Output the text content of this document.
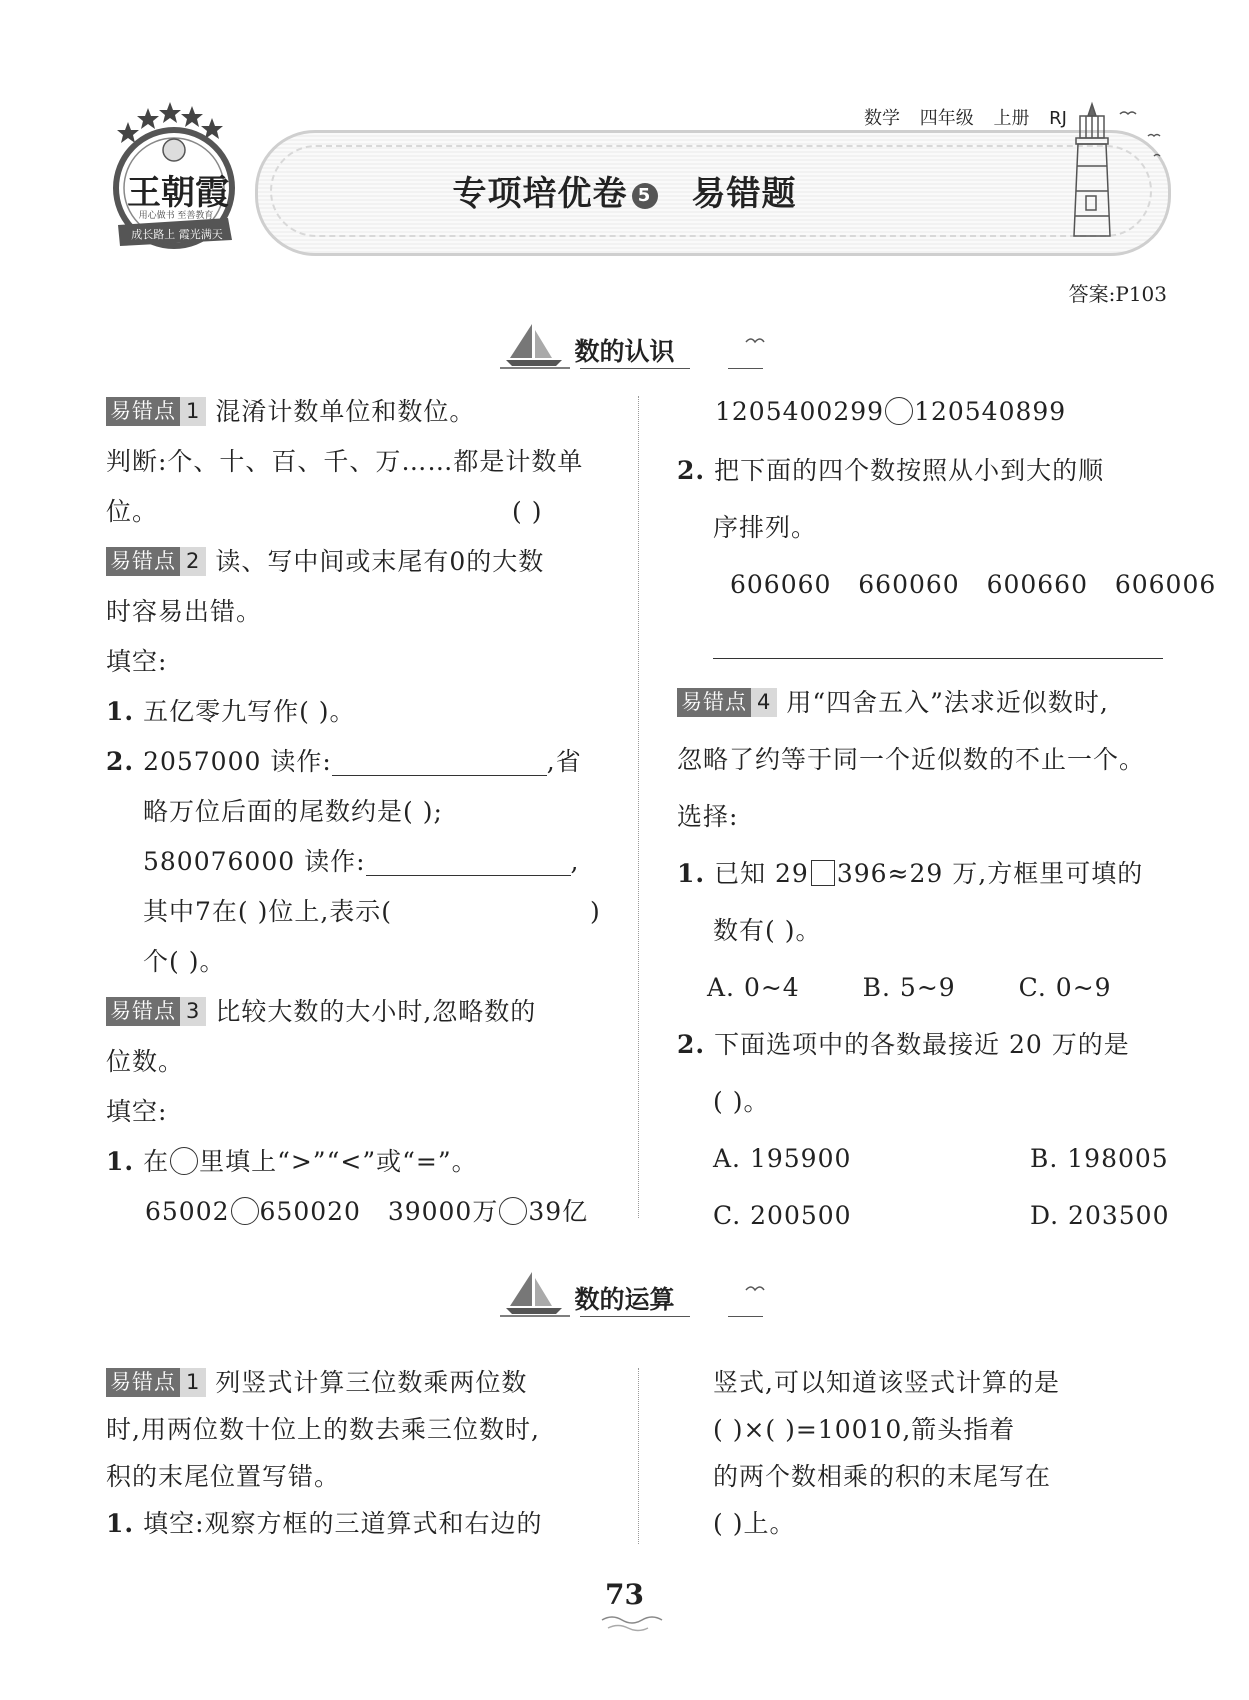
王朝霞
用心做书 至善教育
成长路上 霞光满天
数学 四年级 上册 RJ
专项培优卷 5 易错题
答案:P103
数的认识
易错点 1 混淆计数单位和数位。
判断:个、十、百、千、万……都是计数单
位。	( )
易错点 2 读、写中间或末尾有0的大数
时容易出错。
填空:
1. 五亿零九写作( )。
2. 2057000 读作:	,省
略万位后面的尾数约是( );
580076000 读作:	,
其中7在( )位上,表示(	)
个( )。
易错点 3 比较大数的大小时,忽略数的
位数。
填空:
1. 在 里填上“>”“<”或“=”。
65002 650020 39000万 39亿
1205400299 120540899
2. 把下面的四个数按照从小到大的顺
序排列。
606060 660060 600660 606006
易错点 4 用“四舍五入”法求近似数时,
忽略了约等于同一个近似数的不止一个。
选择:
1. 已知 29 396≈29 万,方框里可填的
数有( )。
A. 0~4	B. 5~9	C. 0~9
2. 下面选项中的各数最接近 20 万的是
( )。
A. 195900	B. 198005
C. 200500	D. 203500
数的运算
易错点 1 列竖式计算三位数乘两位数
时,用两位数十位上的数去乘三位数时,
积的末尾位置写错。
1. 填空:观察方框的三道算式和右边的
竖式,可以知道该竖式计算的是
( )×( )=10010,箭头指着
的两个数相乘的积的末尾写在
( )上。
73
